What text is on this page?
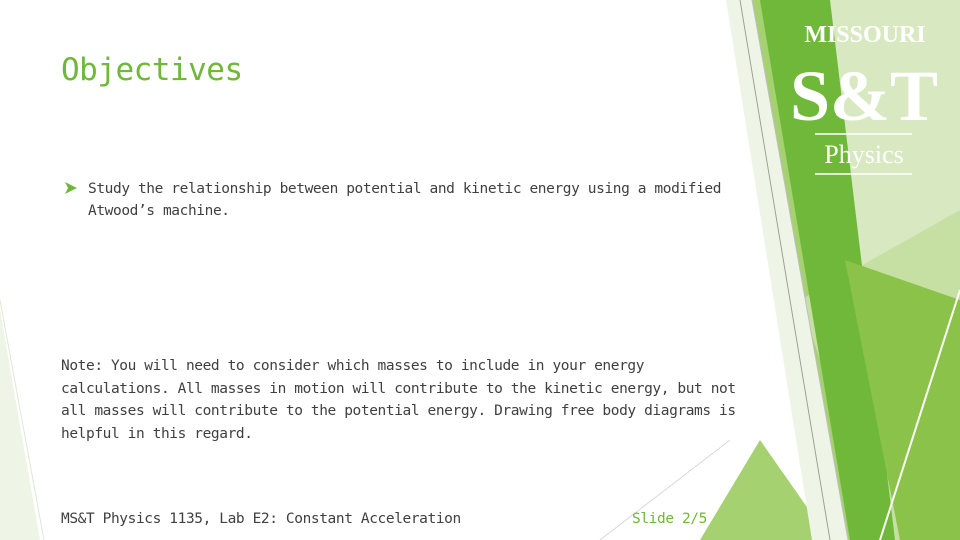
Objectives
Study the relationship between potential and kinetic energy using a modified Atwood’s machine.

Note: You will need to consider which masses to include in your energy calculations. All masses in motion will contribute to the kinetic energy, but not all masses will contribute to the potential energy. Drawing free body diagrams is helpful in this regard.

MS&T Physics 1135, Lab E2: Constant Acceleration	Slide 2/5
MISSOURI
S&T
Physics
